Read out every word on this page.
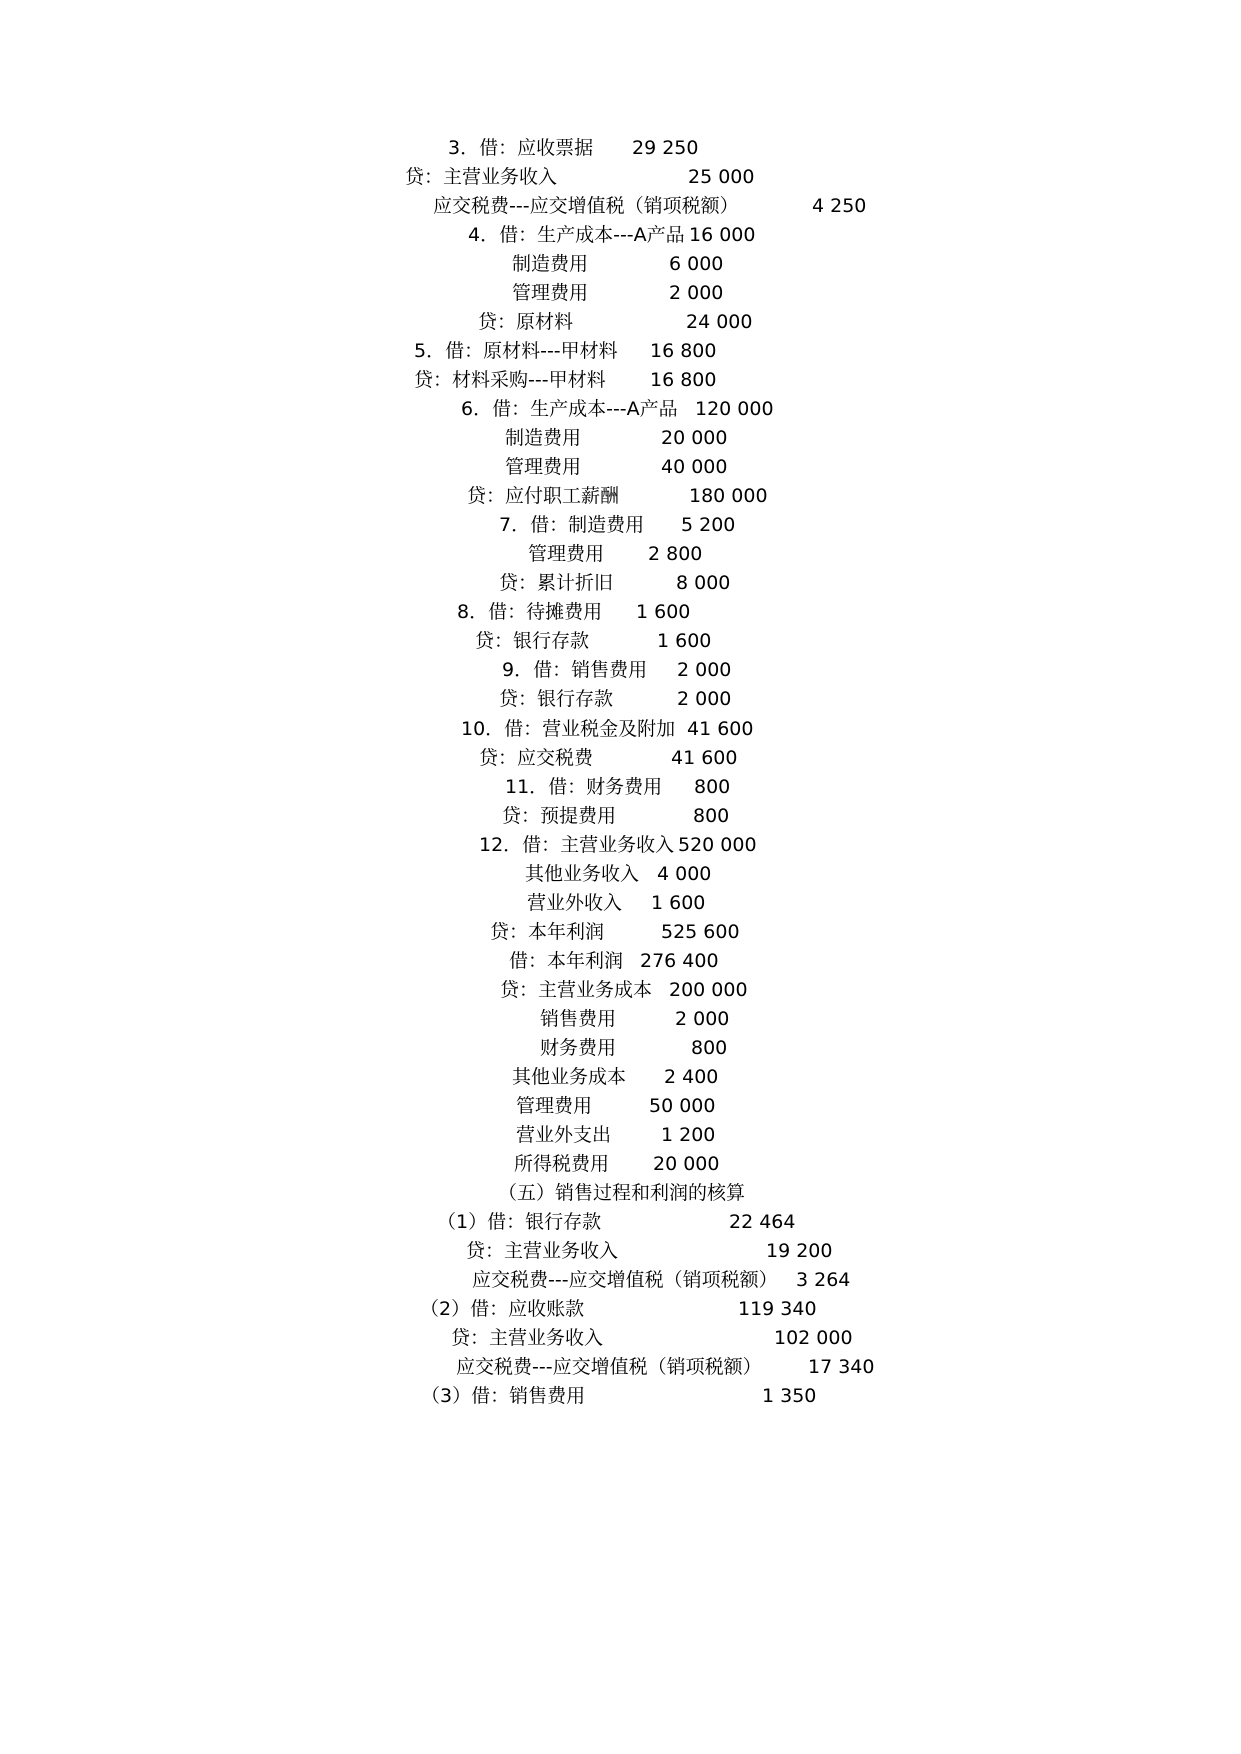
3．借：应收票据 29 250
贷：主营业务收入	25 000
应交税费---应交增值税（销项税额）	4 250
4．借：生产成本---A产品 16 000
制造费用	6 000
管理费用	2 000
贷：原材料	24 000
5．借：原材料---甲材料 16 800
贷：材料采购---甲材料 16 800
6．借：生产成本---A产品 120 000
制造费用	20 000
管理费用	40 000
贷：应付职工薪酬	180 000
7．借：制造费用 5 200
管理费用 2 800
贷：累计折旧	8 000
8．借：待摊费用 1 600
贷：银行存款	1 600
9．借：销售费用 2 000
贷：银行存款	2 000
10．借：营业税金及附加 41 600
贷：应交税费	41 600
11．借：财务费用 800
贷：预提费用	800
12．借：主营业务收入 520 000
其他业务收入 4 000
营业外收入 1 600
贷：本年利润	525 600
借：本年利润 276 400
贷：主营业务成本 200 000
销售费用	2 000
财务费用	800
其他业务成本 2 400
管理费用	50 000
营业外支出	1 200
所得税费用 20 000
（五）销售过程和利润的核算
（1）借：银行存款	22 464
贷：主营业务收入	19 200
应交税费---应交增值税（销项税额） 3 264
（2）借：应收账款	119 340
贷：主营业务收入	102 000
应交税费---应交增值税（销项税额） 17 340
（3）借：销售费用	1 350
